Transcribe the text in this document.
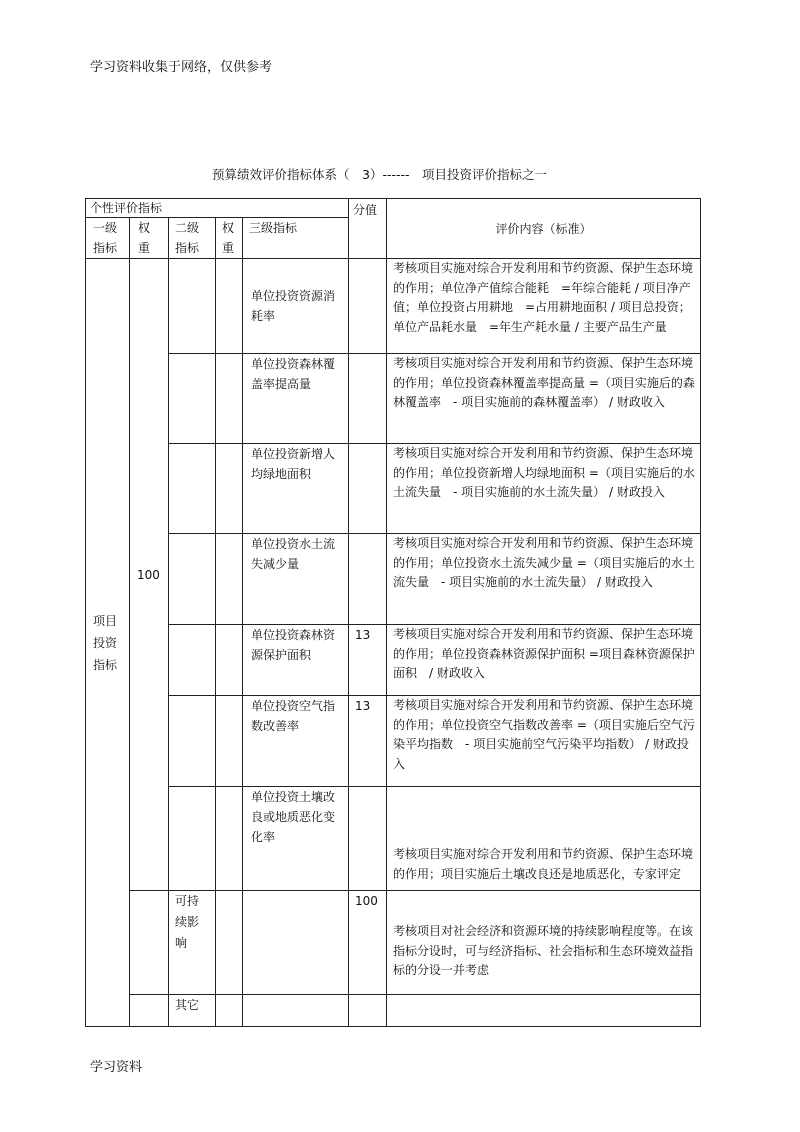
学习资料收集于网络，仅供参考
预算绩效评价指标体系（　3）------　项目投资评价指标之一
个性评价指标					分值	评价内容（标准）
一级指标	权重	二级指标	权重	三级指标		
项目投资指标	100			单位投资资源消耗率		考核项目实施对综合开发利用和节约资源、保护生态环境的作用；单位净产值综合能耗　=年综合能耗 / 项目净产值；单位投资占用耕地　=占用耕地面积 / 项目总投资；单位产品耗水量　=年生产耗水量 / 主要产品生产量
				单位投资森林覆盖率提高量		考核项目实施对综合开发利用和节约资源、保护生态环境的作用；单位投资森林覆盖率提高量 =（项目实施后的森林覆盖率　- 项目实施前的森林覆盖率） / 财政收入
				单位投资新增人均绿地面积		考核项目实施对综合开发利用和节约资源、保护生态环境的作用；单位投资新增人均绿地面积 =（项目实施后的水土流失量　- 项目实施前的水土流失量） / 财政投入
				单位投资水土流失减少量		考核项目实施对综合开发利用和节约资源、保护生态环境的作用；单位投资水土流失减少量 =（项目实施后的水土流失量　- 项目实施前的水土流失量） / 财政投入
				单位投资森林资源保护面积	13	考核项目实施对综合开发利用和节约资源、保护生态环境的作用；单位投资森林资源保护面积 =项目森林资源保护面积　/ 财政收入
				单位投资空气指数改善率	13	考核项目实施对综合开发利用和节约资源、保护生态环境的作用；单位投资空气指数改善率 =（项目实施后空气污染平均指数　- 项目实施前空气污染平均指数） / 财政投入
				单位投资土壤改良或地质恶化变化率		考核项目实施对综合开发利用和节约资源、保护生态环境的作用；项目实施后土壤改良还是地质恶化，专家评定
		可持续影响			100	考核项目对社会经济和资源环境的持续影响程度等。在该指标分设时，可与经济指标、社会指标和生态环境效益指标的分设一并考虑
		其它				
学习资料
